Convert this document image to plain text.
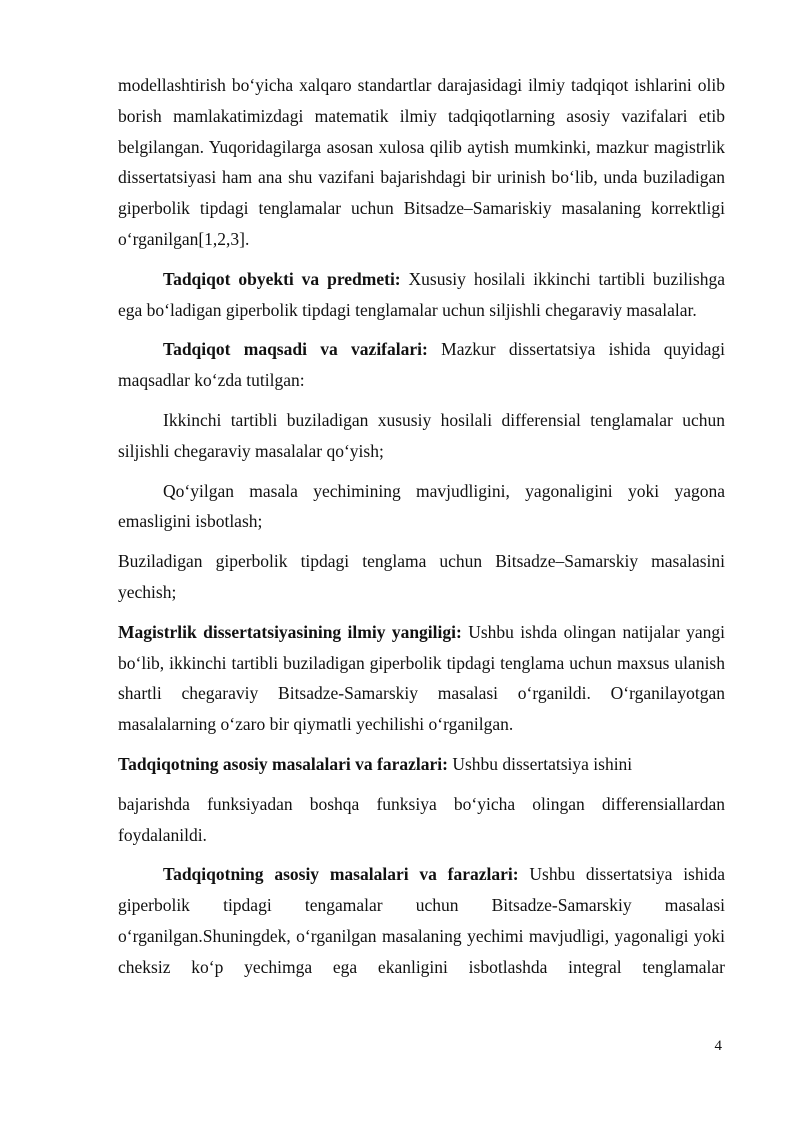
modellashtirish bo‘yicha xalqaro standartlar darajasidagi ilmiy tadqiqot ishlarini olib borish mamlakatimizdagi matematik ilmiy tadqiqotlarning asosiy vazifalari etib belgilangan. Yuqoridagilarga asosan xulosa qilib aytish mumkinki, mazkur magistrlik dissertatsiyasi ham ana shu vazifani bajarishdagi bir urinish bo‘lib, unda buziladigan giperbolik tipdagi tenglamalar uchun Bitsadze–Samariskiy masalaning korrektligi o‘rganilgan[1,2,3].

Tadqiqot obyekti va predmeti: Xususiy hosilali ikkinchi tartibli buzilishga ega bo‘ladigan giperbolik tipdagi tenglamalar uchun siljishli chegaraviy masalalar.

Tadqiqot maqsadi va vazifalari: Mazkur dissertatsiya ishida quyidagi maqsadlar ko‘zda tutilgan:

Ikkinchi tartibli buziladigan xususiy hosilali differensial tenglamalar uchun siljishli chegaraviy masalalar qo‘yish;

Qo‘yilgan masala yechimining mavjudligini, yagonaligini yoki yagona emasligini isbotlash;

Buziladigan giperbolik tipdagi tenglama uchun Bitsadze–Samarskiy masalasini yechish;

Magistrlik dissertatsiyasining ilmiy yangiligi: Ushbu ishda olingan natijalar yangi bo‘lib, ikkinchi tartibli buziladigan giperbolik tipdagi tenglama uchun maxsus ulanish shartli chegaraviy Bitsadze-Samarskiy masalasi o‘rganildi. O‘rganilayotgan masalalarning o‘zaro bir qiymatli yechilishi o‘rganilgan.

Tadqiqotning asosiy masalalari va farazlari: Ushbu dissertatsiya ishini

bajarishda funksiyadan boshqa funksiya bo‘yicha olingan differensiallardan foydalanildi.

Tadqiqotning asosiy masalalari va farazlari: Ushbu dissertatsiya ishida giperbolik tipdagi tengamalar uchun Bitsadze-Samarskiy masalasi o‘rganilgan.Shuningdek, o‘rganilgan masalaning yechimi mavjudligi, yagonaligi yoki cheksiz ko‘p yechimga ega ekanligini isbotlashda integral tenglamalar

4
